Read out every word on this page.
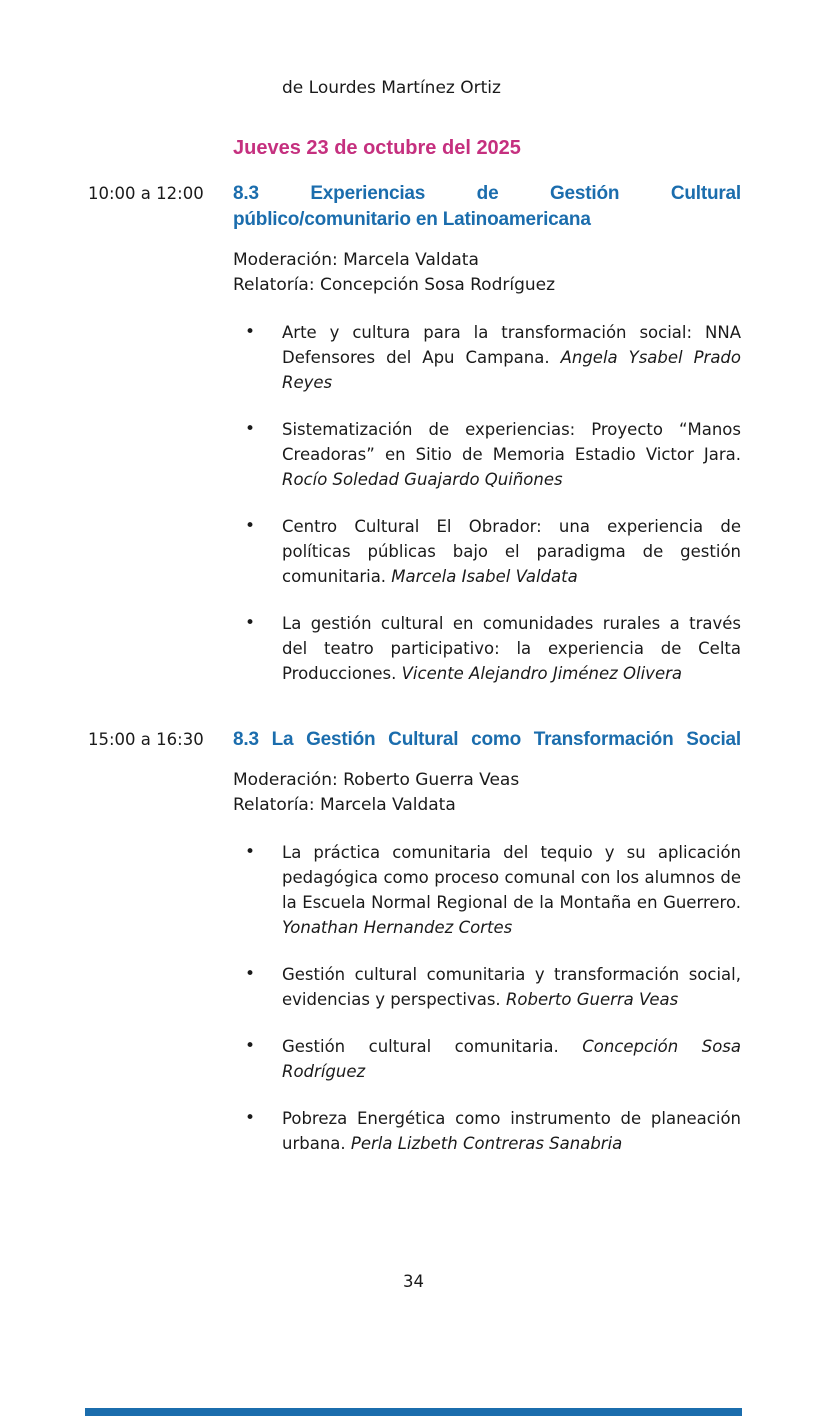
de Lourdes Martínez Ortiz
Jueves 23 de octubre del 2025
10:00 a 12:00	8.3 Experiencias de Gestión Cultural
público/comunitario en Latinoamericana
Moderación: Marcela Valdata
Relatoría: Concepción Sosa Rodríguez
• Arte y cultura para la transformación social: NNA Defensores del Apu Campana. Angela Ysabel Prado Reyes
• Sistematización de experiencias: Proyecto “Manos Creadoras” en Sitio de Memoria Estadio Victor Jara. Rocío Soledad Guajardo Quiñones
• Centro Cultural El Obrador: una experiencia de políticas públicas bajo el paradigma de gestión comunitaria. Marcela Isabel Valdata
• La gestión cultural en comunidades rurales a través del teatro participativo: la experiencia de Celta Producciones. Vicente Alejandro Jiménez Olivera
15:00 a 16:30	8.3 La Gestión Cultural como Transformación Social
Moderación: Roberto Guerra Veas
Relatoría: Marcela Valdata
• La práctica comunitaria del tequio y su aplicación pedagógica como proceso comunal con los alumnos de la Escuela Normal Regional de la Montaña en Guerrero. Yonathan Hernandez Cortes
• Gestión cultural comunitaria y transformación social, evidencias y perspectivas. Roberto Guerra Veas
• Gestión cultural comunitaria. Concepción Sosa Rodríguez
• Pobreza Energética como instrumento de planeación urbana. Perla Lizbeth Contreras Sanabria
34
